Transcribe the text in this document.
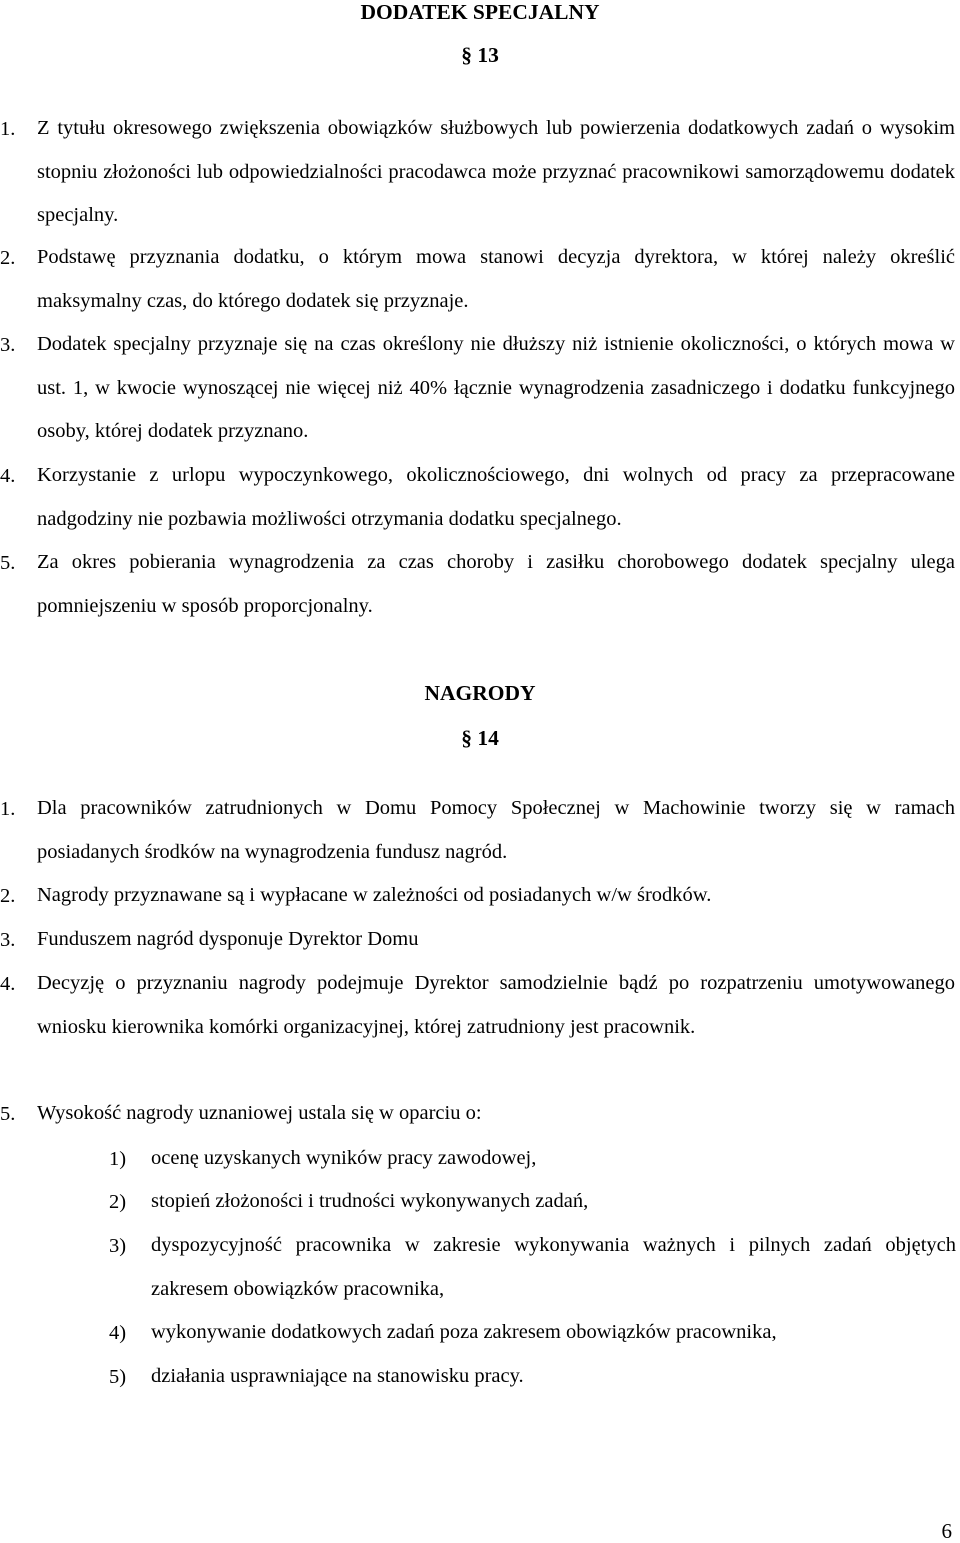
DODATEK SPECJALNY
§ 13
1.	Z tytułu okresowego zwiększenia obowiązków służbowych lub powierzenia dodatkowych zadań o wysokim stopniu złożoności lub odpowiedzialności pracodawca może przyznać pracownikowi samorządowemu dodatek specjalny.
2.	Podstawę przyznania dodatku, o którym mowa stanowi decyzja dyrektora, w której należy określić maksymalny czas, do którego dodatek się przyznaje.
3.	Dodatek specjalny przyznaje się na czas określony nie dłuższy niż istnienie okoliczności, o których mowa w ust. 1, w kwocie wynoszącej nie więcej niż 40% łącznie wynagrodzenia zasadniczego i dodatku funkcyjnego osoby, której dodatek przyznano.
4.	Korzystanie z urlopu wypoczynkowego, okolicznościowego, dni wolnych od pracy za przepracowane nadgodziny nie pozbawia możliwości otrzymania dodatku specjalnego.
5.	Za okres pobierania wynagrodzenia za czas choroby i zasiłku chorobowego dodatek specjalny ulega pomniejszeniu w sposób proporcjonalny.
NAGRODY
§ 14
1.	Dla pracowników zatrudnionych w Domu Pomocy Społecznej w Machowinie tworzy się w ramach posiadanych środków na wynagrodzenia fundusz nagród.
2.	Nagrody przyznawane są i wypłacane w zależności od posiadanych w/w środków.
3.	Funduszem nagród dysponuje Dyrektor Domu
4.	Decyzję o przyznaniu nagrody podejmuje Dyrektor samodzielnie bądź po rozpatrzeniu umotywowanego wniosku kierownika komórki organizacyjnej, której zatrudniony jest pracownik.
5.	Wysokość nagrody uznaniowej ustala się w oparciu o:
1) ocenę uzyskanych wyników pracy zawodowej,
2) stopień złożoności i trudności wykonywanych zadań,
3) dyspozycyjność pracownika w zakresie wykonywania ważnych i pilnych zadań objętych zakresem obowiązków pracownika,
4) wykonywanie dodatkowych zadań poza zakresem obowiązków pracownika,
5) działania usprawniające na stanowisku pracy.
6
